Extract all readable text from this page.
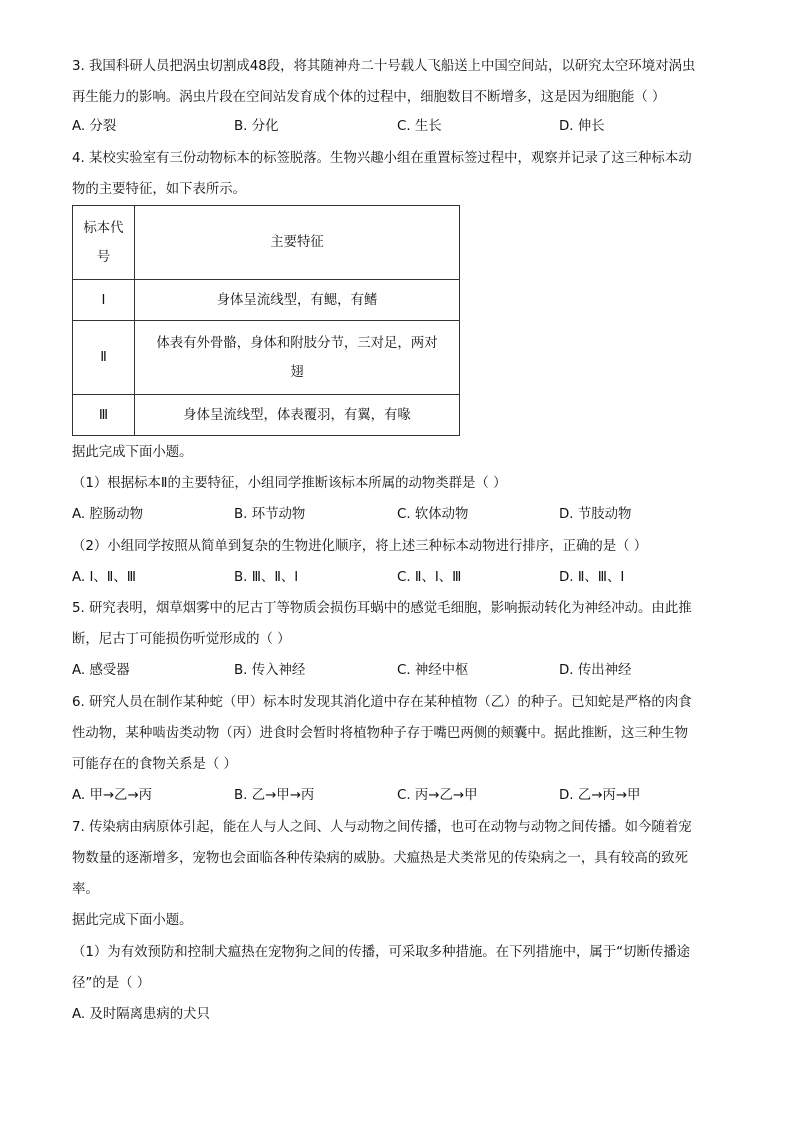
3. 我国科研人员把涡虫切割成48段，将其随神舟二十号载人飞船送上中国空间站，以研究太空环境对涡虫
再生能力的影响。涡虫片段在空间站发育成个体的过程中，细胞数目不断增多，这是因为细胞能（ ）
A. 分裂	B. 分化	C. 生长	D. 伸长
4. 某校实验室有三份动物标本的标签脱落。生物兴趣小组在重置标签过程中，观察并记录了这三种标本动
物的主要特征，如下表所示。
标本代
号	主要特征
Ⅰ	身体呈流线型，有鳃，有鳍
Ⅱ	体表有外骨骼，身体和附肢分节，三对足，两对
翅

Ⅲ	身体呈流线型，体表覆羽，有翼，有喙
据此完成下面小题。
（1）根据标本Ⅱ的主要特征，小组同学推断该标本所属的动物类群是（ ）
A. 腔肠动物	B. 环节动物	C. 软体动物	D. 节肢动物
（2）小组同学按照从简单到复杂的生物进化顺序，将上述三种标本动物进行排序，正确的是（ ）
A. Ⅰ、Ⅱ、Ⅲ	B. Ⅲ、Ⅱ、Ⅰ	C. Ⅱ、Ⅰ、Ⅲ	D. Ⅱ、Ⅲ、Ⅰ
5. 研究表明，烟草烟雾中的尼古丁等物质会损伤耳蜗中的感觉毛细胞，影响振动转化为神经冲动。由此推
断，尼古丁可能损伤听觉形成的（ ）
A. 感受器	B. 传入神经	C. 神经中枢	D. 传出神经
6. 研究人员在制作某种蛇（甲）标本时发现其消化道中存在某种植物（乙）的种子。已知蛇是严格的肉食
性动物，某种啮齿类动物（丙）进食时会暂时将植物种子存于嘴巴两侧的颊囊中。据此推断，这三种生物
可能存在的食物关系是（ ）
A. 甲→乙→丙	B. 乙→甲→丙	C. 丙→乙→甲	D. 乙→丙→甲
7. 传染病由病原体引起，能在人与人之间、人与动物之间传播，也可在动物与动物之间传播。如今随着宠
物数量的逐渐增多，宠物也会面临各种传染病的威胁。犬瘟热是犬类常见的传染病之一，具有较高的致死
率。
据此完成下面小题。
（1）为有效预防和控制犬瘟热在宠物狗之间的传播，可采取多种措施。在下列措施中，属于“切断传播途
径”的是（ ）
A. 及时隔离患病的犬只
